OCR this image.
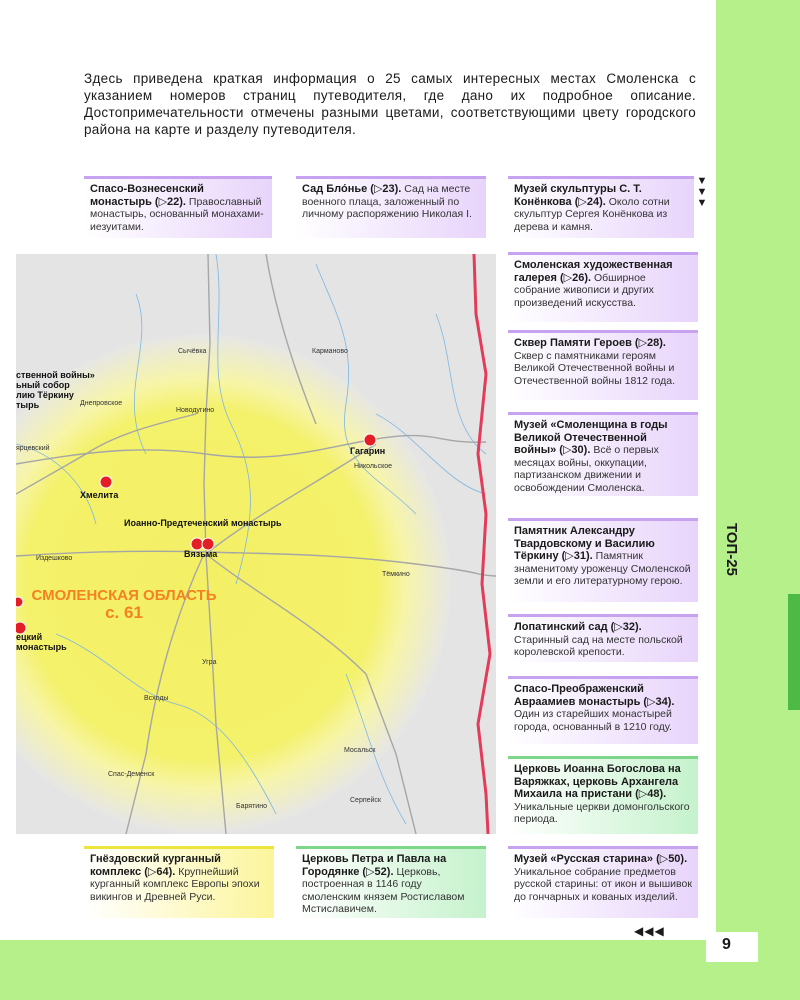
9
ТОП-25
Здесь приведена краткая информация о 25 самых интересных местах Смоленска с указанием номеров страниц путеводителя, где дано их подробное описание. Достопримечательности отмечены разными цветами, соответствующими цвету городского района на карте и разделу путеводителя.
Спасо-Вознесенский монастырь (▷22). Православный монастырь, основанный монахами-иезуитами.
Сад Бло́нье (▷23). Сад на месте военного плаца, заложенный по личному распоряжению Николая I.
Музей скульптуры С. Т. Конёнкова (▷24). Около сотни скульптур Сергея Конёнкова из дерева и камня.
▼
▼
▼
Смоленская художественная галерея (▷26). Обширное собрание живописи и других произведений искусства.
Сквер Памяти Героев (▷28). Сквер с памятниками героям Великой Отечественной войны и Отечественной войны 1812 года.
Музей «Смоленщина в годы Великой Отечественной войны» (▷30). Всё о первых месяцах войны, оккупации, партизанском движении и освобождении Смоленска.
Памятник Александру Твардовскому и Василию Тёркину (▷31). Памятник знаменитому уроженцу Смоленской земли и его литературному герою.
Лопатинский сад (▷32). Старинный сад на месте польской королевской крепости.
Спасо-Преображенский Авраамиев монастырь (▷34). Один из старейших монастырей города, основанный в 1210 году.
Церковь Иоанна Богослова на Варяжках, церковь Архангела Михаила на пристани (▷48). Уникальные церкви домонгольского периода.
Гнёздовский курганный комплекс (▷64). Крупнейший курганный комплекс Европы эпохи викингов и Древней Руси.
Церковь Петра и Павла на Городянке (▷52). Церковь, построенная в 1146 году смоленским князем Ростиславом Мстиславичем.
Музей «Русская старина» (▷50). Уникальное собрание предметов русской старины: от икон и вышивок до гончарных и кованых изделий.
◀◀◀
Сычёвка	Кармановo
Днепровское
Новодугино
Никольское
ярцевский
Издешково
Тёмкино
Угра
Всходы
Мосальск
Спас-Деменск
Серпейск
Барятино
Гагарин
Хмелита
Иоанно-Предтеченский монастырь
Вязьма
ственной войны»
ьный собор
лию Тёркину
тырь
ецкий
монастырь
СМОЛЕНСКАЯ ОБЛАСТЬ
с. 61
